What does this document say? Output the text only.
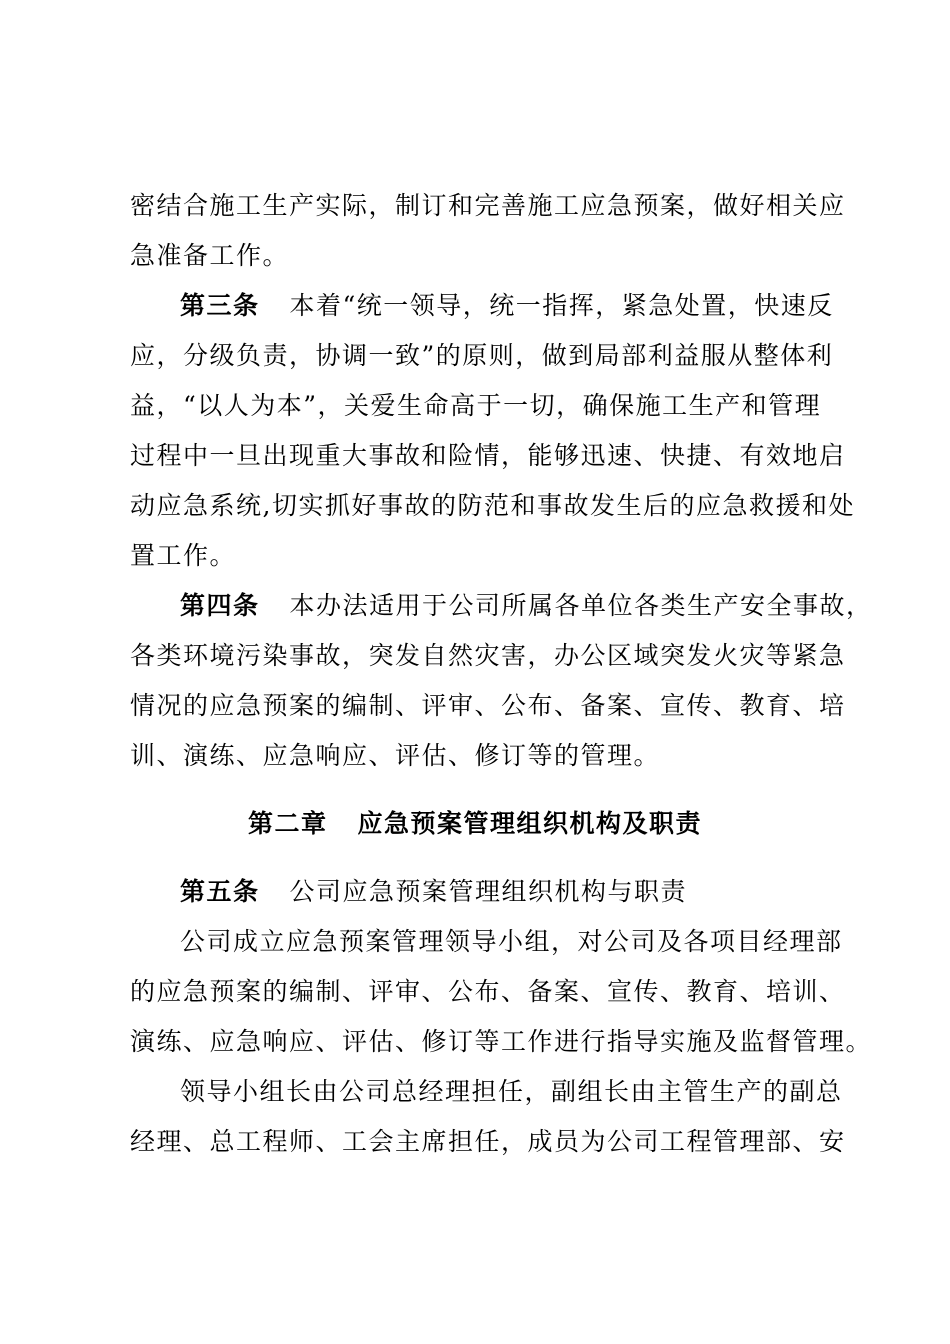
密结合施工生产实际，制订和完善施工应急预案，做好相关应
急准备工作。
第三条 本着“统一领导，统一指挥，紧急处置，快速反
应，分级负责，协调一致”的原则，做到局部利益服从整体利
益，“以人为本”，关爱生命高于一切，确保施工生产和管理
过程中一旦出现重大事故和险情，能够迅速、快捷、有效地启
动应急系统,切实抓好事故的防范和事故发生后的应急救援和处
置工作。
第四条 本办法适用于公司所属各单位各类生产安全事故，
各类环境污染事故，突发自然灾害，办公区域突发火灾等紧急
情况的应急预案的编制、评审、公布、备案、宣传、教育、培
训、演练、应急响应、评估、修订等的管理。
第二章 应急预案管理组织机构及职责
第五条 公司应急预案管理组织机构与职责
公司成立应急预案管理领导小组，对公司及各项目经理部
的应急预案的编制、评审、公布、备案、宣传、教育、培训、
演练、应急响应、评估、修订等工作进行指导实施及监督管理。
领导小组长由公司总经理担任，副组长由主管生产的副总
经理、总工程师、工会主席担任，成员为公司工程管理部、安
